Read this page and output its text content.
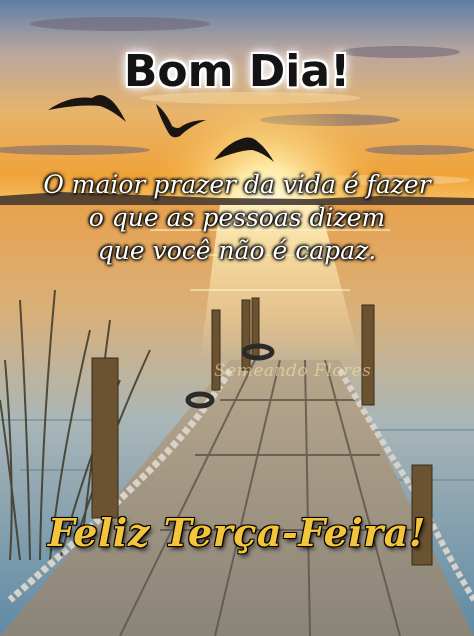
Bom Dia!
O maior prazer da vida é fazer
o que as pessoas dizem
que você não é capaz.
Semeando Flores
Feliz Terça-Feira!
